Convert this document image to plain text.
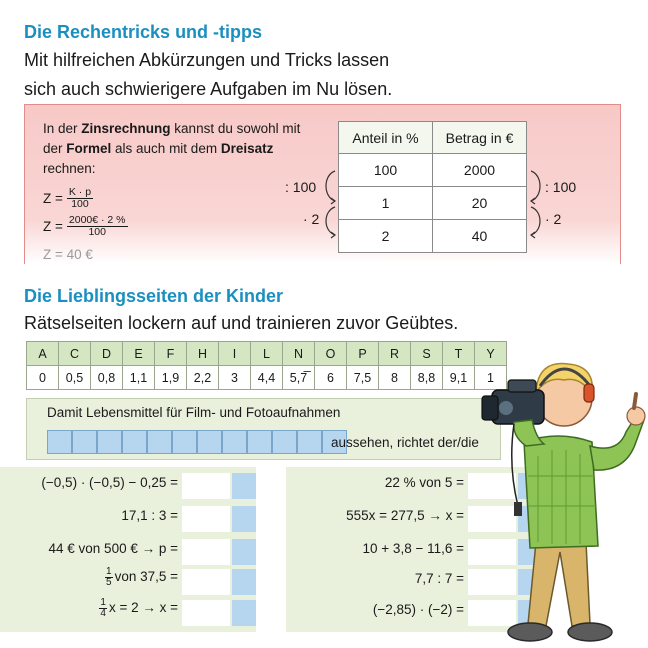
Die Rechentricks und -tipps
Mit hilfreichen Abkürzungen und Tricks lassen
sich auch schwierigere Aufgaben im Nu lösen.
In der Zinsrechnung kannst du sowohl mit der Formel als auch mit dem Dreisatz rechnen:
$Z = \frac{K \cdot p}{100}$
$Z = \frac{2000€ \cdot 2 \%}{100}$
Z = 40 €
Anteil in %	Betrag in €
100	2000
1	20
2	40
: 100
· 2
: 100
· 2
Die Lieblingsseiten der Kinder
Rätselseiten lockern auf und trainieren zuvor Geübtes.
A	C	D	E	F	H	I	L	N	O	P	R	S	T	Y
0	0,5	0,8	1,1	1,9	2,2	3	4,4	5,7̅	6	7,5	8	8,8	9,1	1
Damit Lebensmittel für Film- und Fotoaufnahmen
aussehen, richtet der/die
(−0,5) · (−0,5) − 0,25 =
17,1 : 3 =
44 € von 500 € → p =
$\frac{1}{5}$ von 37,5 =
$\frac{1}{4}$ x = 2 → x =
22 % von 5 =
555x = 277,5 → x =
10 + 3,8 − 11,6 =
7,7 : 7 =
(−2,85) · (−2) =
